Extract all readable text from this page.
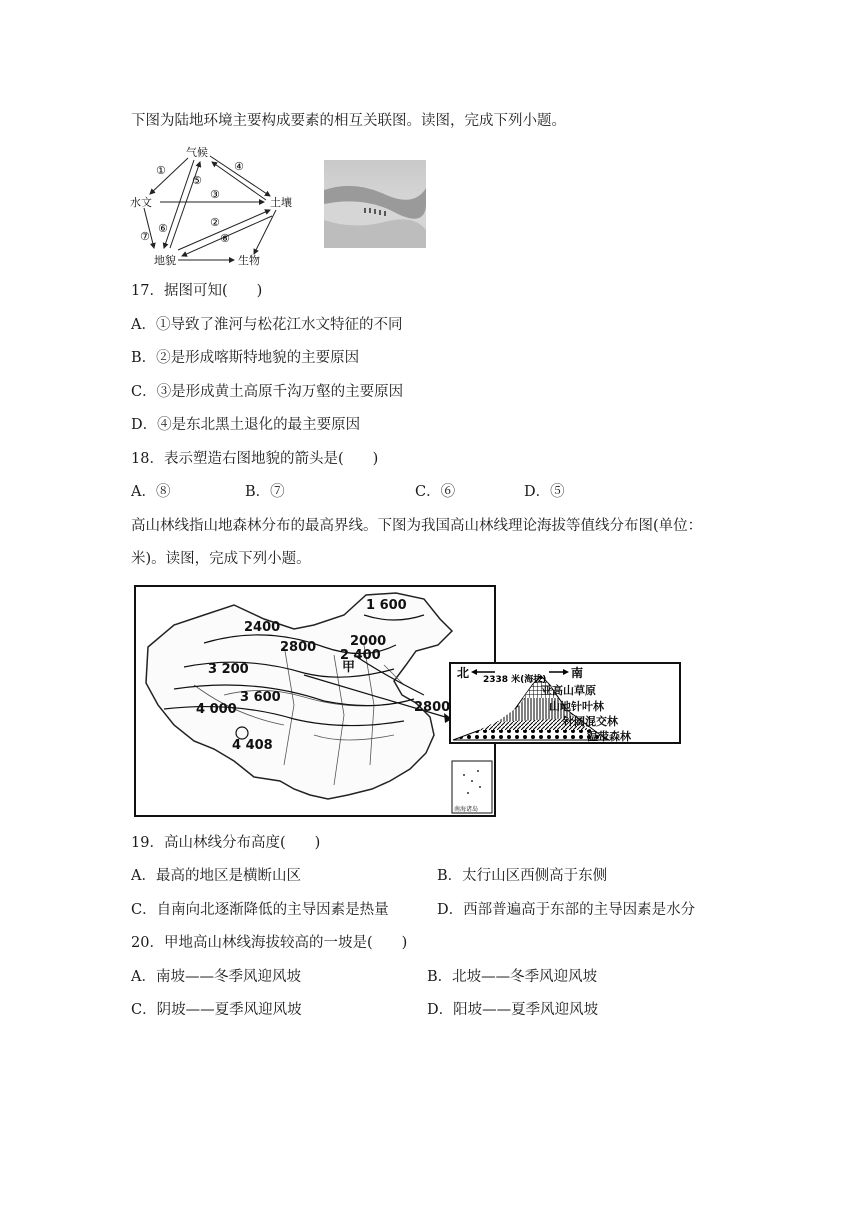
下图为陆地环境主要构成要素的相互关联图。读图，完成下列小题。
气候
水文	土壤
地貌	生物
①	④
⑤
③
②
⑥
⑦	⑧
17．据图可知(　　)
A．①导致了淮河与松花江水文特征的不同
B．②是形成喀斯特地貌的主要原因
C．③是形成黄土高原千沟万壑的主要原因
D．④是东北黑土退化的最主要原因
18．表示塑造右图地貌的箭头是(　　)
A．⑧	B．⑦	C．⑥	D．⑤
高山林线指山地森林分布的最高界线。下图为我国高山林线理论海拔等值线分布图(单位：
米)。读图，完成下列小题。
1 600
2400
2800	2000
2 400
3 200
3 600
4 000
4 408
2800
甲
南海诸岛
北	南
2338 米(海拔)
亚高山草原
山地针叶林
针阔混交林
温带森林
19．高山林线分布高度(　　)
A．最高的地区是横断山区	B．太行山区西侧高于东侧
C．自南向北逐渐降低的主导因素是热量	D．西部普遍高于东部的主导因素是水分
20．甲地高山林线海拔较高的一坡是(　　)
A．南坡——冬季风迎风坡	B．北坡——冬季风迎风坡
C．阴坡——夏季风迎风坡	D．阳坡——夏季风迎风坡
